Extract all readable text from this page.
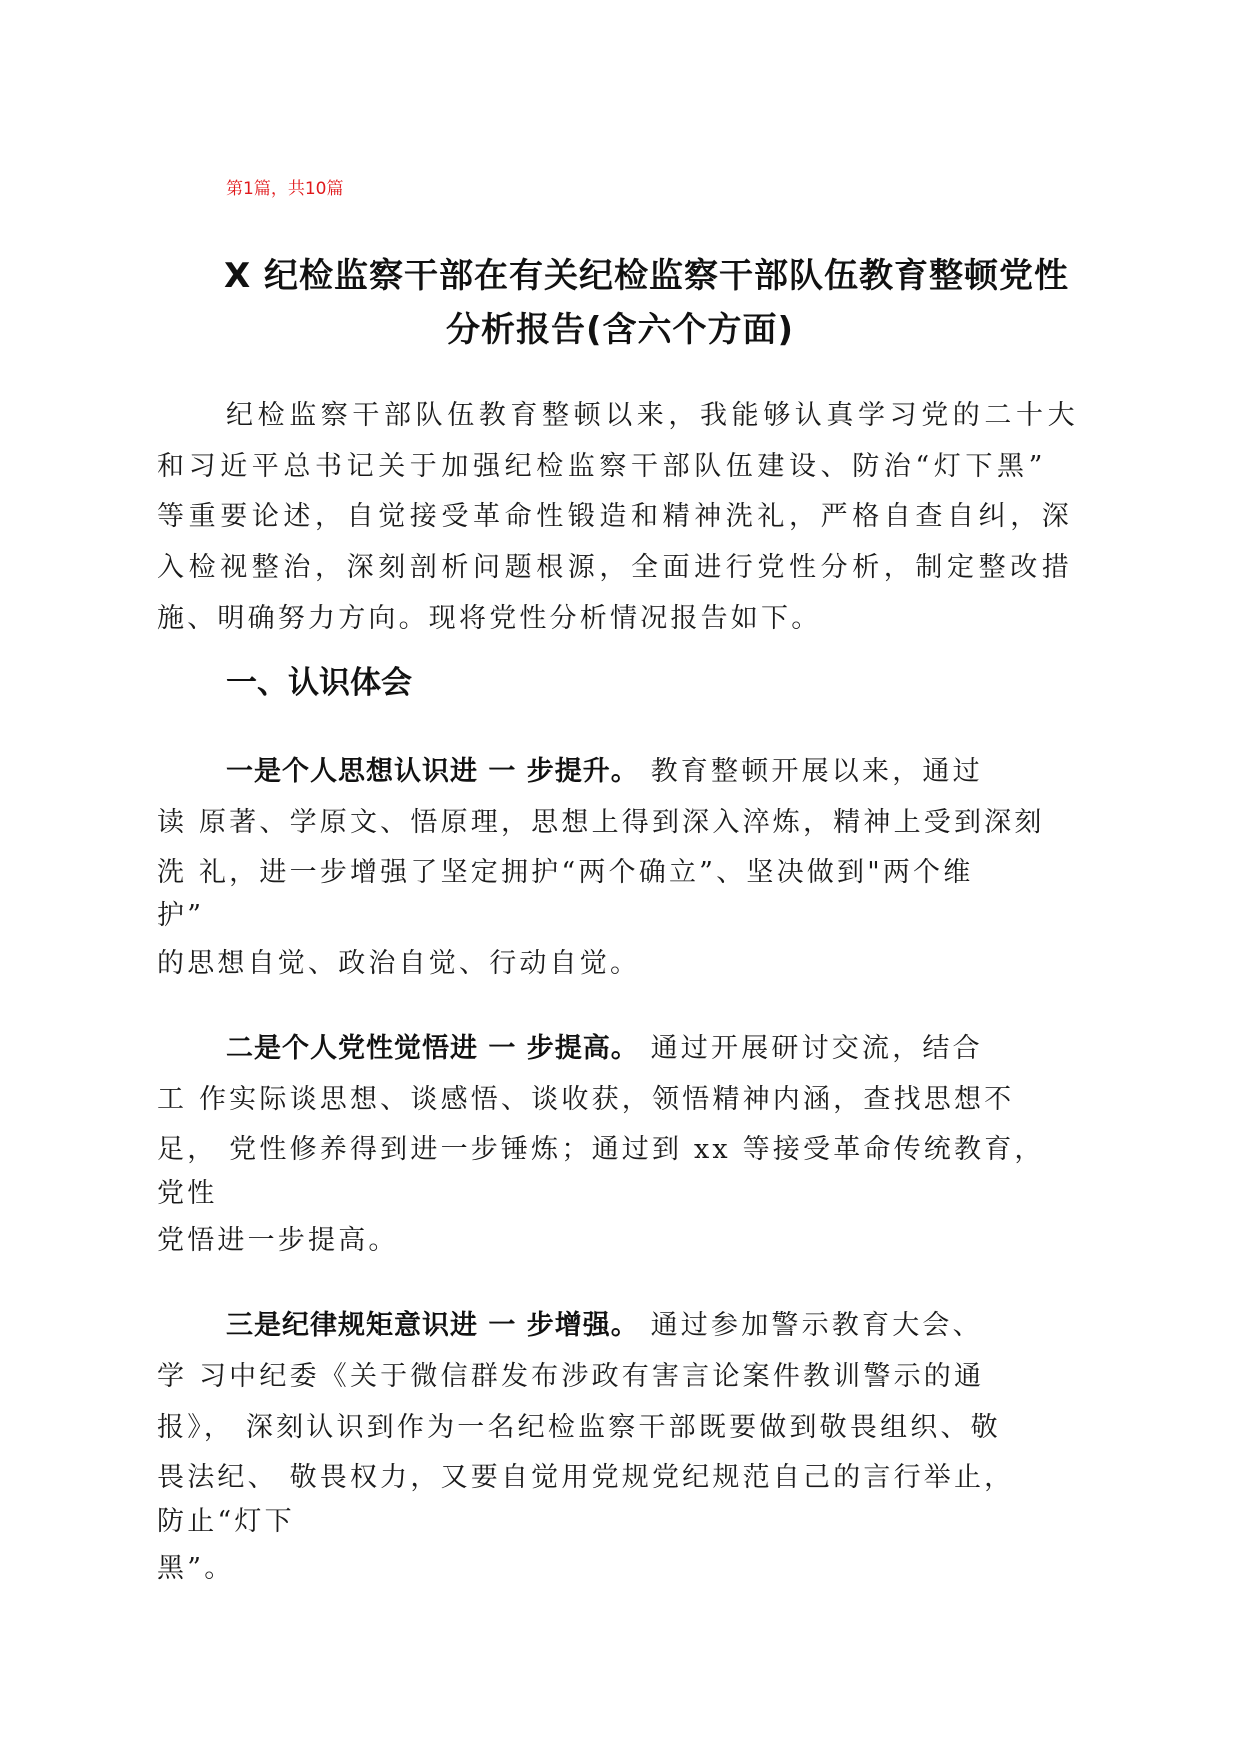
第1篇，共10篇
X 纪检监察干部在有关纪检监察干部队伍教育整顿党性
分析报告(含六个方面)
纪检监察干部队伍教育整顿以来，我能够认真学习党的二十大
和习近平总书记关于加强纪检监察干部队伍建设、防治“灯下黑”
等重要论述，自觉接受革命性锻造和精神洗礼，严格自查自纠，深
入检视整治，深刻剖析问题根源，全面进行党性分析，制定整改措
施、明确努力方向。现将党性分析情况报告如下。
一、认识体会
一是个人思想认识进 一 步提升。 教育整顿开展以来，通过
读 原著、学原文、悟原理，思想上得到深入淬炼，精神上受到深刻
洗 礼，进一步增强了坚定拥护“两个确立”、坚决做到"两个维
护”
的思想自觉、政治自觉、行动自觉。
二是个人党性觉悟进 一 步提高。 通过开展研讨交流，结合
工 作实际谈思想、谈感悟、谈收获，领悟精神内涵，查找思想不
足， 党性修养得到进一步锤炼；通过到 xx 等接受革命传统教育，
党性
党悟进一步提高。
三是纪律规矩意识进 一 步增强。 通过参加警示教育大会、
学 习中纪委《关于微信群发布涉政有害言论案件教训警示的通
报》， 深刻认识到作为一名纪检监察干部既要做到敬畏组织、敬
畏法纪、 敬畏权力，又要自觉用党规党纪规范自己的言行举止，
防止“灯下
黑”。
